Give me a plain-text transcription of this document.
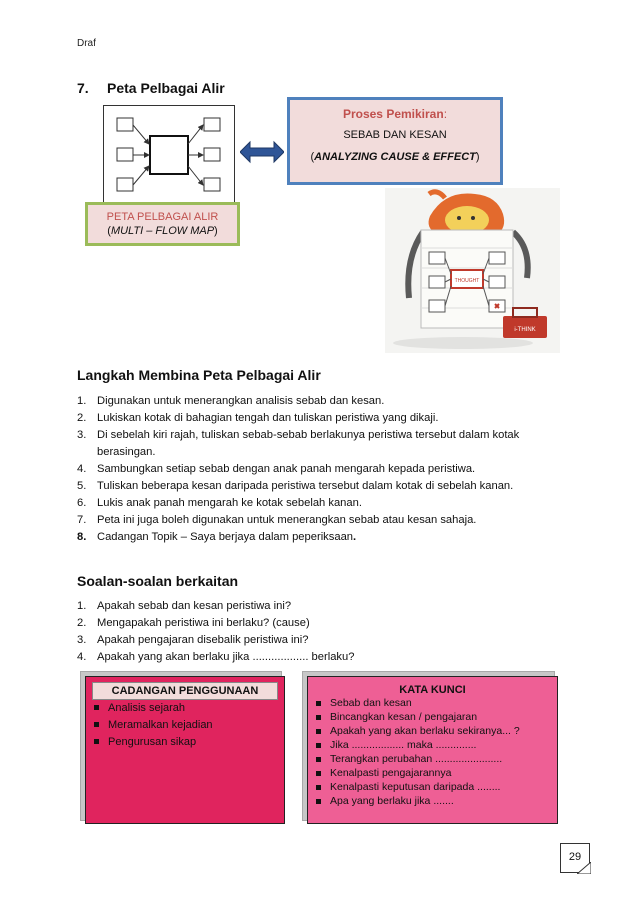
Draf
7. Peta Pelbagai Alir
Proses Pemikiran:
SEBAB DAN KESAN
(ANALYZING CAUSE & EFFECT)
PETA PELBAGAI ALIR
(MULTI – FLOW MAP)
THOUGHT
i-THINK
Langkah Membina Peta Pelbagai Alir
1. Digunakan untuk menerangkan analisis sebab dan kesan.
2. Lukiskan kotak di bahagian tengah dan tuliskan peristiwa yang dikaji.
3. Di sebelah kiri rajah, tuliskan sebab-sebab berlakunya peristiwa tersebut dalam kotak berasingan.
4. Sambungkan setiap sebab dengan anak panah mengarah kepada peristiwa.
5. Tuliskan beberapa kesan daripada peristiwa tersebut dalam kotak di sebelah kanan.
6. Lukis anak panah mengarah ke kotak sebelah kanan.
7. Peta ini juga boleh digunakan untuk menerangkan sebab atau kesan sahaja.
8. Cadangan Topik – Saya berjaya dalam peperiksaan.
Soalan-soalan berkaitan
1. Apakah sebab dan kesan peristiwa ini?
2. Mengapakah peristiwa ini berlaku? (cause)
3. Apakah pengajaran disebalik peristiwa ini?
4. Apakah yang akan berlaku jika .................. berlaku?
CADANGAN PENGGUNAAN
Analisis sejarah
Meramalkan kejadian
Pengurusan sikap
KATA KUNCI
Sebab dan kesan
Bincangkan kesan / pengajaran
Apakah yang akan berlaku sekiranya... ?
Jika .................. maka ..............
Terangkan perubahan .......................
Kenalpasti pengajarannya
Kenalpasti keputusan daripada ........
Apa yang berlaku jika .......
29
